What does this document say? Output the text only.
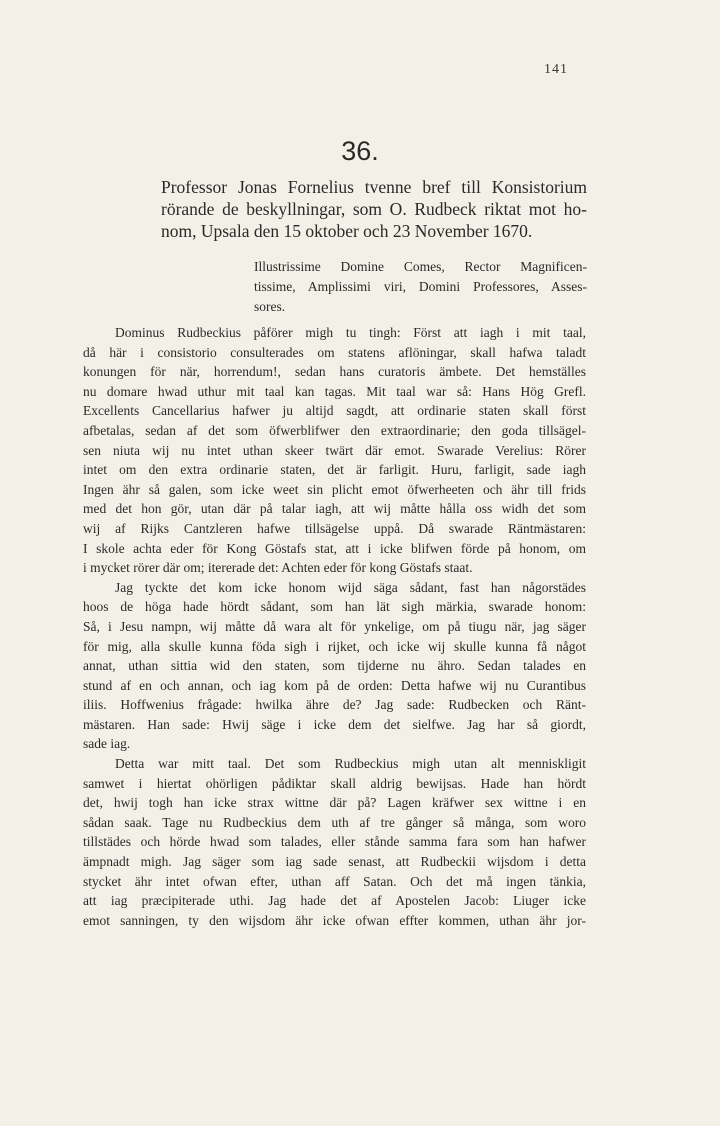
141
36.
Professor Jonas Fornelius tvenne bref till Konsistorium
rörande de beskyllningar, som O. Rudbeck riktat mot ho-
nom, Upsala den 15 oktober och 23 November 1670.
Illustrissime Domine Comes, Rector Magnificen-
tissime, Amplissimi viri, Domini Professores, Asses-
sores.
Dominus Rudbeckius påförer migh tu tingh: Först att iagh i mit taal,
då här i consistorio consulterades om statens aflöningar, skall hafwa taladt
konungen för när, horrendum!, sedan hans curatoris ämbete. Det hemställes
nu domare hwad uthur mit taal kan tagas. Mit taal war så: Hans Hög Grefl.
Excellents Cancellarius hafwer ju altijd sagdt, att ordinarie staten skall först
afbetalas, sedan af det som öfwerblifwer den extraordinarie; den goda tillsägel-
sen niuta wij nu intet uthan skeer twärt där emot. Swarade Verelius: Rörer
intet om den extra ordinarie staten, det är farligit. Huru, farligit, sade iagh
Ingen ähr så galen, som icke weet sin plicht emot öfwerheeten och ähr till frids
med det hon gör, utan där på talar iagh, att wij måtte hålla oss widh det som
wij af Rijks Cantzleren hafwe tillsägelse uppå. Då swarade Räntmästaren:
I skole achta eder för Kong Göstafs stat, att i icke blifwen förde på honom, om
i mycket rörer där om; itererade det: Achten eder för kong Göstafs staat.
Jag tyckte det kom icke honom wijd säga sådant, fast han någorstädes
hoos de höga hade hördt sådant, som han lät sigh märkia, swarade honom:
Så, i Jesu nampn, wij måtte då wara alt för ynkelige, om på tiugu när, jag säger
för mig, alla skulle kunna föda sigh i rijket, och icke wij skulle kunna få något
annat, uthan sittia wid den staten, som tijderne nu ähro. Sedan talades en
stund af en och annan, och iag kom på de orden: Detta hafwe wij nu Curantibus
iliis. Hoffwenius frågade: hwilka ähre de? Jag sade: Rudbecken och Ränt-
mästaren. Han sade: Hwij säge i icke dem det sielfwe. Jag har så giordt,
sade iag.
Detta war mitt taal. Det som Rudbeckius migh utan alt menniskligit
samwet i hiertat ohörligen pådiktar skall aldrig bewijsas. Hade han hördt
det, hwij togh han icke strax wittne där på? Lagen kräfwer sex wittne i en
sådan saak. Tage nu Rudbeckius dem uth af tre gånger så många, som woro
tillstädes och hörde hwad som talades, eller stånde samma fara som han hafwer
ämpnadt migh. Jag säger som iag sade senast, att Rudbeckii wijsdom i detta
stycket ähr intet ofwan efter, uthan aff Satan. Och det må ingen tänkia,
att iag præcipiterade uthi. Jag hade det af Apostelen Jacob: Liuger icke
emot sanningen, ty den wijsdom ähr icke ofwan effter kommen, uthan ähr jor-
